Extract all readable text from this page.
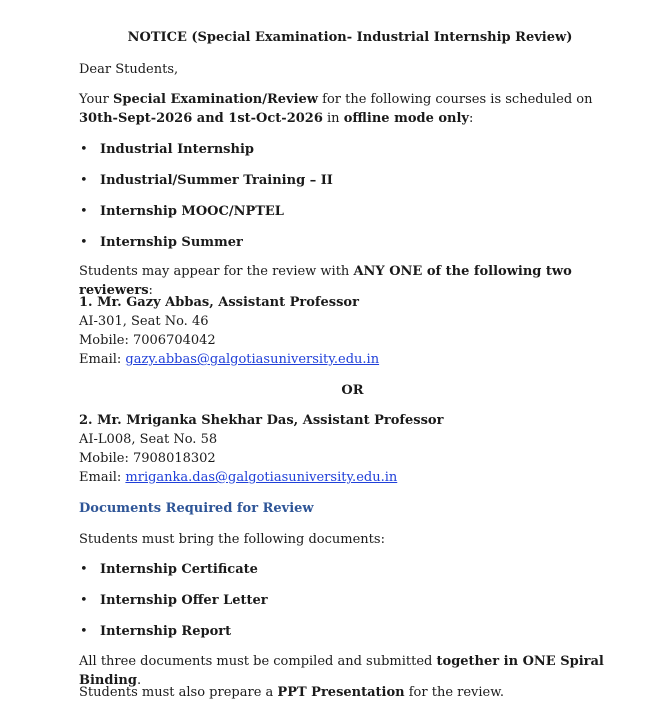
NOTICE (Special Examination- Industrial Internship Review)
Dear Students,
Your Special Examination/Review for the following courses is scheduled on 30th-Sept-2026 and 1st-Oct-2026 in offline mode only:
• Industrial Internship
• Industrial/Summer Training – II
• Internship MOOC/NPTEL
• Internship Summer
Students may appear for the review with ANY ONE of the following two reviewers:
1. Mr. Gazy Abbas, Assistant Professor
AI-301, Seat No. 46
Mobile: 7006704042
Email: gazy.abbas@galgotiasuniversity.edu.in
OR
2. Mr. Mriganka Shekhar Das, Assistant Professor
AI-L008, Seat No. 58
Mobile: 7908018302
Email: mriganka.das@galgotiasuniversity.edu.in
Documents Required for Review
Students must bring the following documents:
• Internship Certificate
• Internship Offer Letter
• Internship Report
All three documents must be compiled and submitted together in ONE Spiral Binding.
Students must also prepare a PPT Presentation for the review.
